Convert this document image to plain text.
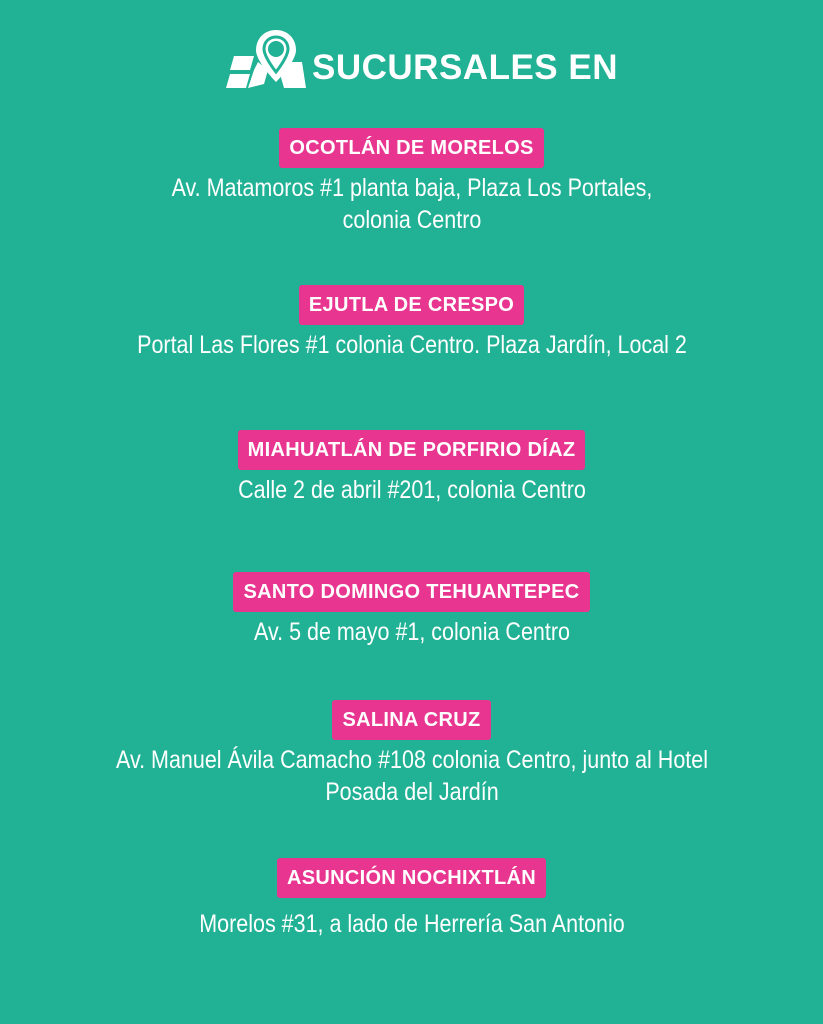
SUCURSALES EN
OCOTLÁN DE MORELOS
Av. Matamoros #1 planta baja, Plaza Los Portales, colonia Centro
EJUTLA DE CRESPO
Portal Las Flores #1 colonia Centro. Plaza Jardín, Local 2
MIAHUATLÁN DE PORFIRIO DÍAZ
Calle 2 de abril #201, colonia Centro
SANTO DOMINGO TEHUANTEPEC
Av. 5 de mayo #1, colonia Centro
SALINA CRUZ
Av. Manuel Ávila Camacho #108 colonia Centro, junto al Hotel Posada del Jardín
ASUNCIÓN NOCHIXTLÁN
Morelos #31, a lado de Herrería San Antonio
